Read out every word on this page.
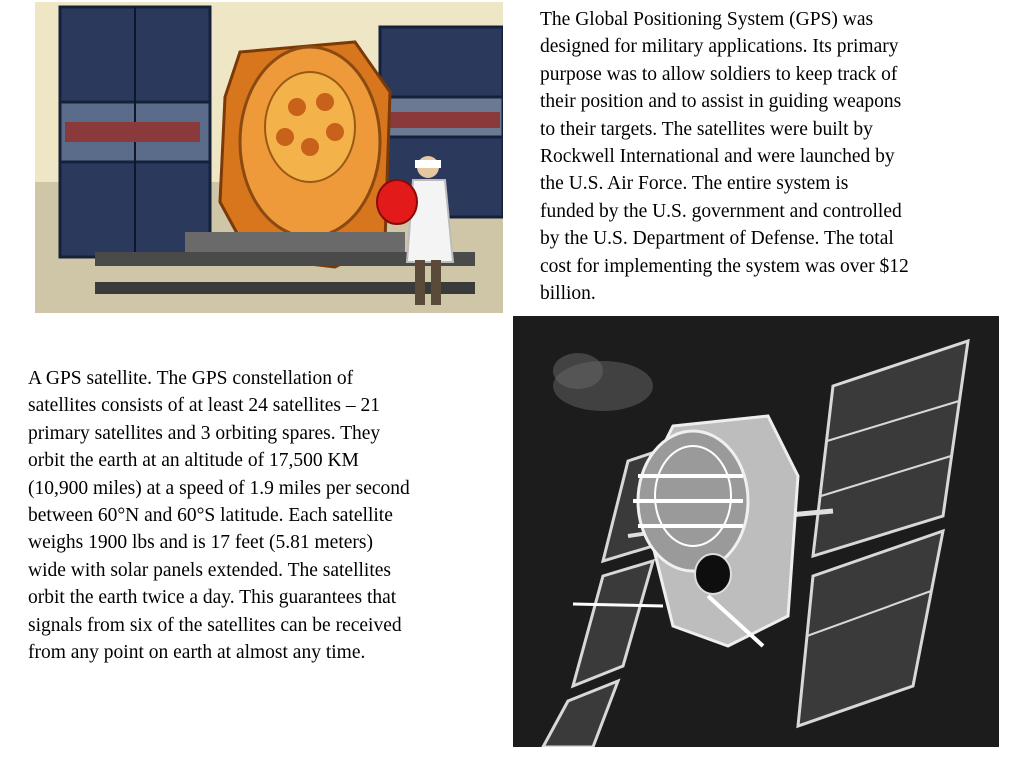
The Global Positioning System (GPS) was
designed for military applications. Its primary
purpose was to allow soldiers to keep track of
their position and to assist in guiding weapons
to their targets. The satellites were built by
Rockwell International and were launched by
the U.S. Air Force. The entire system is
funded by the U.S. government and controlled
by the U.S. Department of Defense. The total
cost for implementing the system was over $12
billion.

A GPS satellite. The GPS constellation of
satellites consists of at least 24 satellites – 21
primary satellites and 3 orbiting spares. They
orbit the earth at an altitude of 17,500 KM
(10,900 miles) at a speed of 1.9 miles per second
between 60°N and 60°S latitude. Each satellite
weighs 1900 lbs and is 17 feet (5.81 meters)
wide with solar panels extended. The satellites
orbit the earth twice a day. This guarantees that
signals from six of the satellites can be received
from any point on earth at almost any time.
